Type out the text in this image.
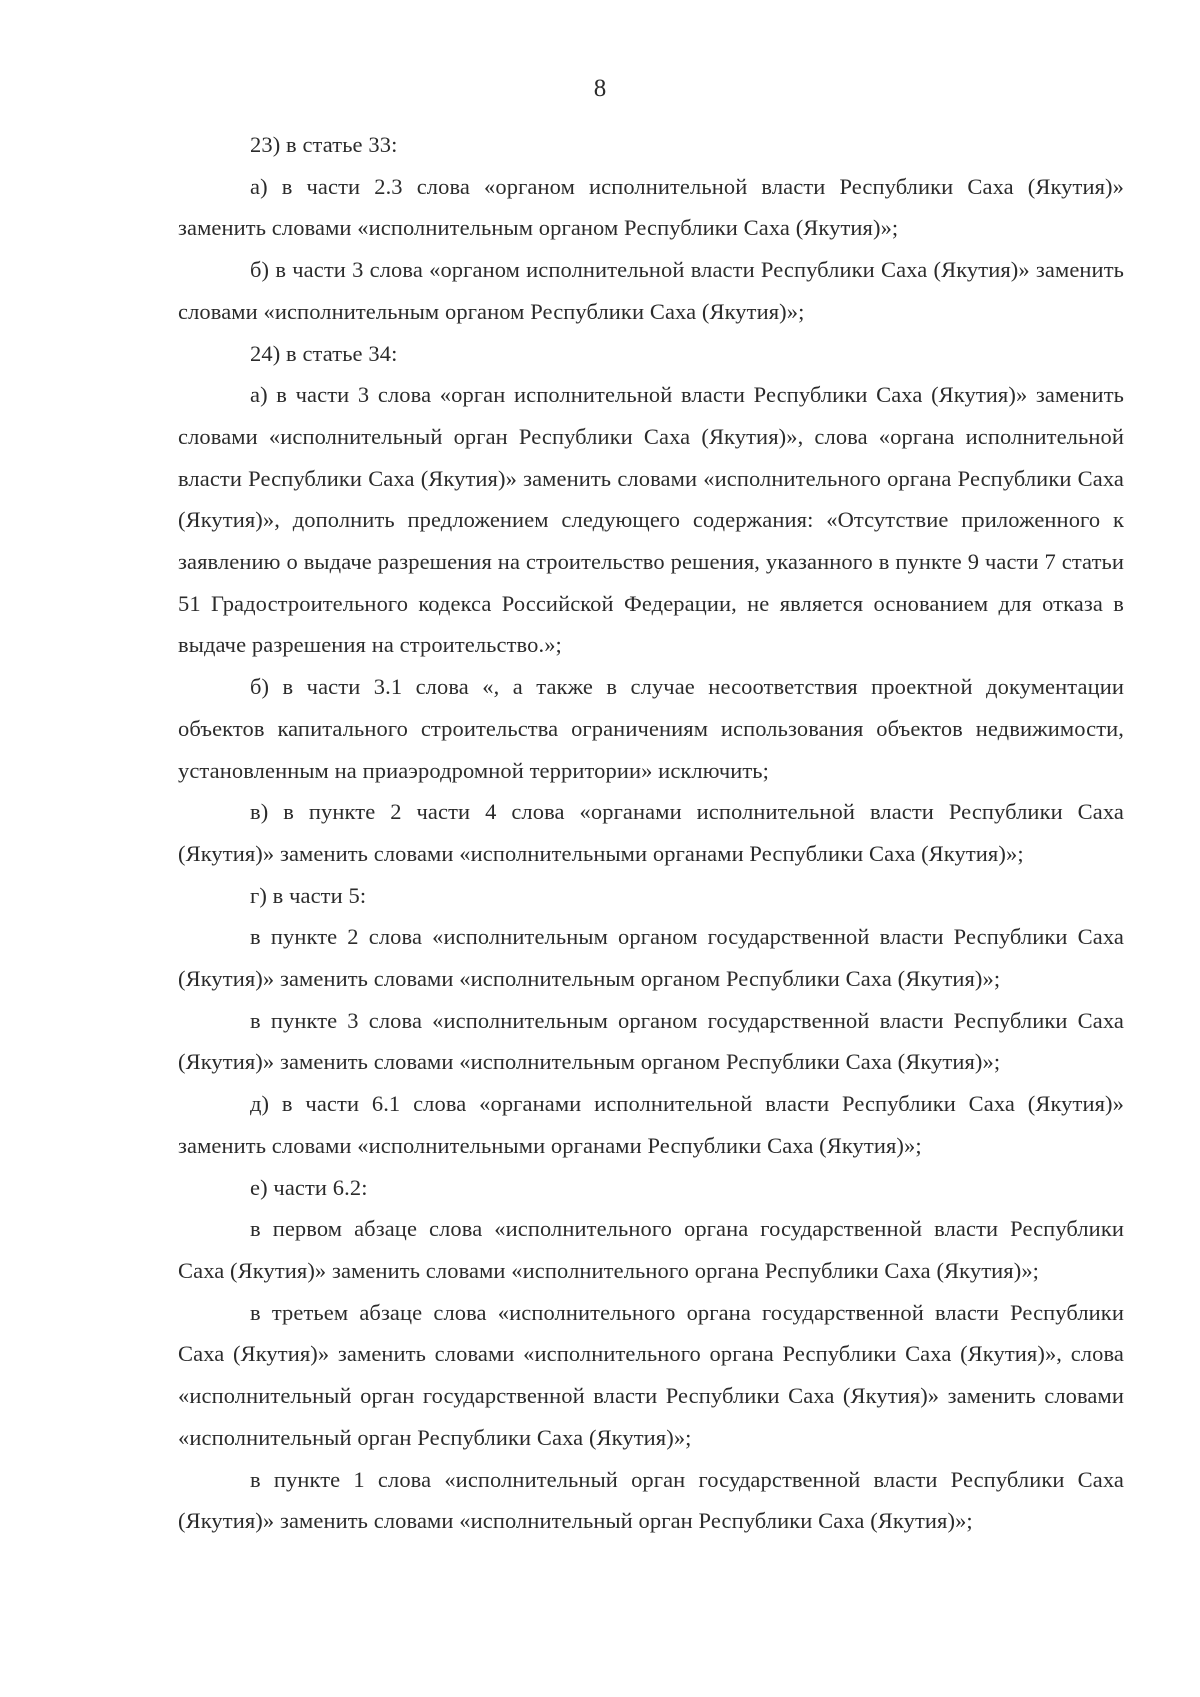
8

23) в статье 33:

а) в части 2.3 слова «органом исполнительной власти Республики Саха (Якутия)» заменить словами «исполнительным органом Республики Саха (Якутия)»;

б) в части 3 слова «органом исполнительной власти Республики Саха (Якутия)» заменить словами «исполнительным органом Республики Саха (Якутия)»;

24) в статье 34:

а) в части 3 слова «орган исполнительной власти Республики Саха (Якутия)» заменить словами «исполнительный орган Республики Саха (Якутия)», слова «органа исполнительной власти Республики Саха (Якутия)» заменить словами «исполнительного органа Республики Саха (Якутия)», дополнить предложением следующего содержания: «Отсутствие приложенного к заявлению о выдаче разрешения на строительство решения, указанного в пункте 9 части 7 статьи 51 Градостроительного кодекса Российской Федерации, не является основанием для отказа в выдаче разрешения на строительство.»;

б) в части 3.1 слова «, а также в случае несоответствия проектной документации объектов капитального строительства ограничениям использования объектов недвижимости, установленным на приаэродромной территории» исключить;

в) в пункте 2 части 4 слова «органами исполнительной власти Республики Саха (Якутия)» заменить словами «исполнительными органами Республики Саха (Якутия)»;

г) в части 5:

в пункте 2 слова «исполнительным органом государственной власти Республики Саха (Якутия)» заменить словами «исполнительным органом Республики Саха (Якутия)»;

в пункте 3 слова «исполнительным органом государственной власти Республики Саха (Якутия)» заменить словами «исполнительным органом Республики Саха (Якутия)»;

д) в части 6.1 слова «органами исполнительной власти Республики Саха (Якутия)» заменить словами «исполнительными органами Республики Саха (Якутия)»;

е) части 6.2:

в первом абзаце слова «исполнительного органа государственной власти Республики Саха (Якутия)» заменить словами «исполнительного органа Республики Саха (Якутия)»;

в третьем абзаце слова «исполнительного органа государственной власти Республики Саха (Якутия)» заменить словами «исполнительного органа Республики Саха (Якутия)», слова «исполнительный орган государственной власти Республики Саха (Якутия)» заменить словами «исполнительный орган Республики Саха (Якутия)»;

в пункте 1 слова «исполнительный орган государственной власти Республики Саха (Якутия)» заменить словами «исполнительный орган Республики Саха (Якутия)»;
